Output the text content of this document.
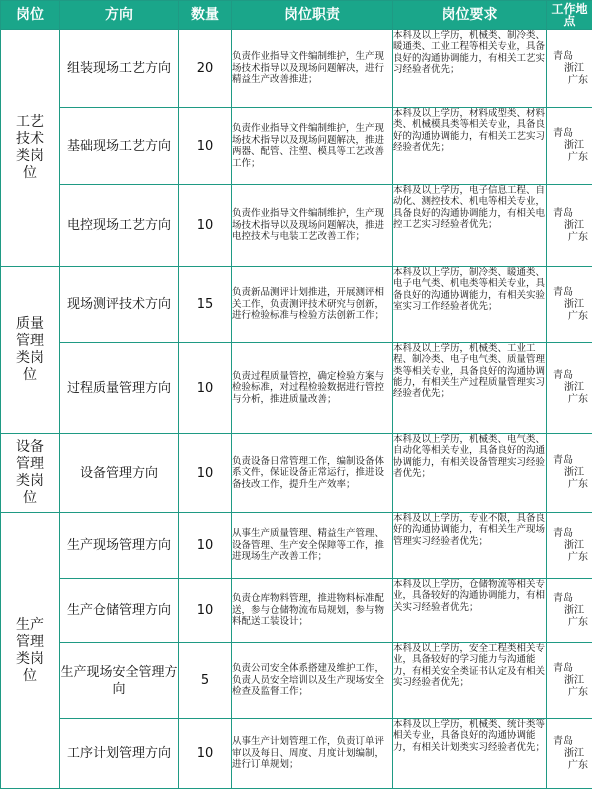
岗位	方向	数量	岗位职责	岗位要求	工作地点
工艺技术类岗位	组装现场工艺方向	20	负责作业指导文件编制维护，生产现场技术指导以及现场问题解决，进行精益生产改善推进；	本科及以上学历，机械类、制冷类、暖通类、工业工程等相关专业，具备良好的沟通协调能力，有相关工艺实习经验者优先；	青岛
浙江
广东

	基础现场工艺方向	10	负责作业指导文件编制维护，生产现场技术指导以及现场问题解决，推进两器、配管、注塑、模具等工艺改善工作；	本科及以上学历，材料成型类、材料类、机械模具类等相关专业，具备良好的沟通协调能力，有相关工艺实习经验者优先；	青岛
浙江
广东

	电控现场工艺方向	10	负责作业指导文件编制维护，生产现场技术指导以及现场问题解决，推进电控技术与电装工艺改善工作；	本科及以上学历，电子信息工程、自动化、测控技术、机电等相关专业，具备良好的沟通协调能力，有相关电控工艺实习经验者优先；	青岛
浙江
广东

质量管理类岗位	现场测评技术方向	15	负责新品测评计划推进，开展测评相关工作，负责测评技术研究与创新，进行检验标准与检验方法创新工作；	本科及以上学历，制冷类、暖通类、电子电气类、机电类等相关专业，具备良好的沟通协调能力，有相关实验室实习工作经验者优先；	青岛
浙江
广东

	过程质量管理方向	10	负责过程质量管控，确定检验方案与检验标准，对过程检验数据进行管控与分析，推进质量改善；	本科及以上学历，机械类、工业工程、制冷类、电子电气类、质量管理类等相关专业，具备良好的沟通协调能力，有相关生产过程质量管理实习经验者优先；	青岛
浙江
广东

设备管理类岗位	设备管理方向	10	负责设备日常管理工作，编制设备体系文件，保证设备正常运行，推进设备技改工作，提升生产效率；	本科及以上学历，机械类、电气类、自动化等相关专业，具备良好的沟通协调能力，有相关设备管理实习经验者优先；	青岛
浙江
广东

生产管理类岗位	生产现场管理方向	10	从事生产质量管理、精益生产管理、设备管理、生产安全保障等工作，推进现场生产改善工作；	本科及以上学历，专业不限，具备良好的沟通协调能力，有相关生产现场管理实习经验者优先；	青岛
浙江
广东

	生产仓储管理方向	10	负责仓库物料管理，推进物料标准配送，参与仓储物流布局规划，参与物料配送工装设计；	本科及以上学历，仓储物流等相关专业，具备较好的沟通协调能力，有相关实习经验者优先；	青岛
浙江
广东

	生产现场安全管理方向	5	负责公司安全体系搭建及维护工作，负责人员安全培训以及生产现场安全检查及监督工作；	本科及以上学历，安全工程类相关专业，具备较好的学习能力与沟通能力，有相关安全类证书认定及有相关实习经验者优先；	青岛
浙江
广东

	工序计划管理方向	10	从事生产计划管理工作，负责订单评审以及每日、周度、月度计划编制，进行订单规划；	本科及以上学历，机械类、统计类等相关专业，具备良好的沟通协调能力，有相关计划类实习经验者优先；	青岛
浙江
广东
